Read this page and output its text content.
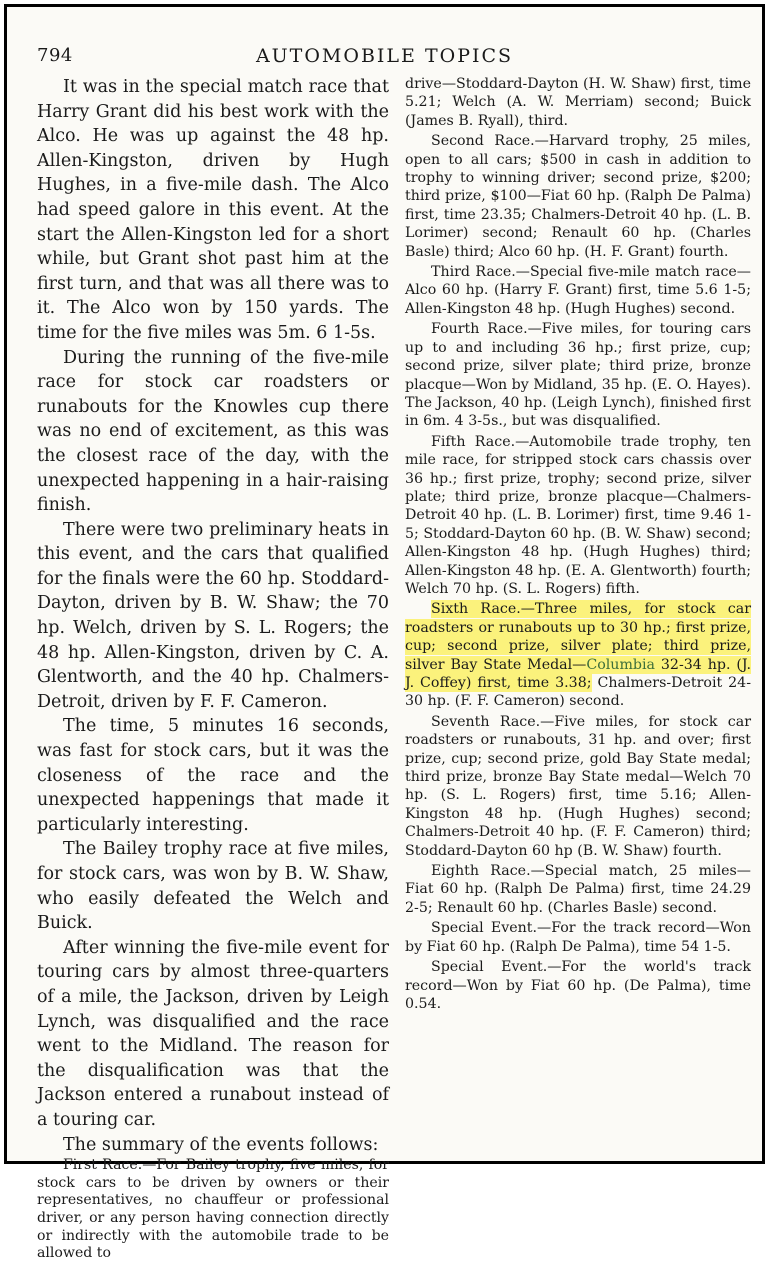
794	AUTOMOBILE TOPICS

It was in the special match race that Harry Grant did his best work with the Alco. He was up against the 48 hp. Allen-Kingston, driven by Hugh Hughes, in a five-mile dash. The Alco had speed galore in this event. At the start the Allen-Kingston led for a short while, but Grant shot past him at the first turn, and that was all there was to it. The Alco won by 150 yards. The time for the five miles was 5m. 6 1-5s.

During the running of the five-mile race for stock car roadsters or runabouts for the Knowles cup there was no end of excitement, as this was the closest race of the day, with the unexpected happening in a hair-raising finish.

There were two preliminary heats in this event, and the cars that qualified for the finals were the 60 hp. Stoddard-Dayton, driven by B. W. Shaw; the 70 hp. Welch, driven by S. L. Rogers; the 48 hp. Allen-Kingston, driven by C. A. Glentworth, and the 40 hp. Chalmers-Detroit, driven by F. F. Cameron.

The time, 5 minutes 16 seconds, was fast for stock cars, but it was the closeness of the race and the unexpected happenings that made it particularly interesting.

The Bailey trophy race at five miles, for stock cars, was won by B. W. Shaw, who easily defeated the Welch and Buick.

After winning the five-mile event for touring cars by almost three-quarters of a mile, the Jackson, driven by Leigh Lynch, was disqualified and the race went to the Midland. The reason for the disqualification was that the Jackson entered a runabout instead of a touring car.

The summary of the events follows:

First Race.—For Bailey trophy, five miles, for stock cars to be driven by owners or their representatives, no chauffeur or professional driver, or any person having connection directly or indirectly with the automobile trade to be allowed to

drive—Stoddard-Dayton (H. W. Shaw) first, time 5.21; Welch (A. W. Merriam) second; Buick (James B. Ryall), third.

Second Race.—Harvard trophy, 25 miles, open to all cars; $500 in cash in addition to trophy to winning driver; second prize, $200; third prize, $100—Fiat 60 hp. (Ralph De Palma) first, time 23.35; Chalmers-Detroit 40 hp. (L. B. Lorimer) second; Renault 60 hp. (Charles Basle) third; Alco 60 hp. (H. F. Grant) fourth.

Third Race.—Special five-mile match race—Alco 60 hp. (Harry F. Grant) first, time 5.6 1-5; Allen-Kingston 48 hp. (Hugh Hughes) second.

Fourth Race.—Five miles, for touring cars up to and including 36 hp.; first prize, cup; second prize, silver plate; third prize, bronze placque—Won by Midland, 35 hp. (E. O. Hayes). The Jackson, 40 hp. (Leigh Lynch), finished first in 6m. 4 3-5s., but was disqualified.

Fifth Race.—Automobile trade trophy, ten mile race, for stripped stock cars chassis over 36 hp.; first prize, trophy; second prize, silver plate; third prize, bronze placque—Chalmers-Detroit 40 hp. (L. B. Lorimer) first, time 9.46 1-5; Stoddard-Dayton 60 hp. (B. W. Shaw) second; Allen-Kingston 48 hp. (Hugh Hughes) third; Allen-Kingston 48 hp. (E. A. Glentworth) fourth; Welch 70 hp. (S. L. Rogers) fifth.

Sixth Race.—Three miles, for stock car roadsters or runabouts up to 30 hp.; first prize, cup; second prize, silver plate; third prize, silver Bay State Medal—Columbia 32-34 hp. (J. J. Coffey) first, time 3.38; Chalmers-Detroit 24-30 hp. (F. F. Cameron) second.

Seventh Race.—Five miles, for stock car roadsters or runabouts, 31 hp. and over; first prize, cup; second prize, gold Bay State medal; third prize, bronze Bay State medal—Welch 70 hp. (S. L. Rogers) first, time 5.16; Allen-Kingston 48 hp. (Hugh Hughes) second; Chalmers-Detroit 40 hp. (F. F. Cameron) third; Stoddard-Dayton 60 hp (B. W. Shaw) fourth.

Eighth Race.—Special match, 25 miles—Fiat 60 hp. (Ralph De Palma) first, time 24.29 2-5; Renault 60 hp. (Charles Basle) second.

Special Event.—For the track record—Won by Fiat 60 hp. (Ralph De Palma), time 54 1-5.

Special Event.—For the world's track record—Won by Fiat 60 hp. (De Palma), time 0.54.
